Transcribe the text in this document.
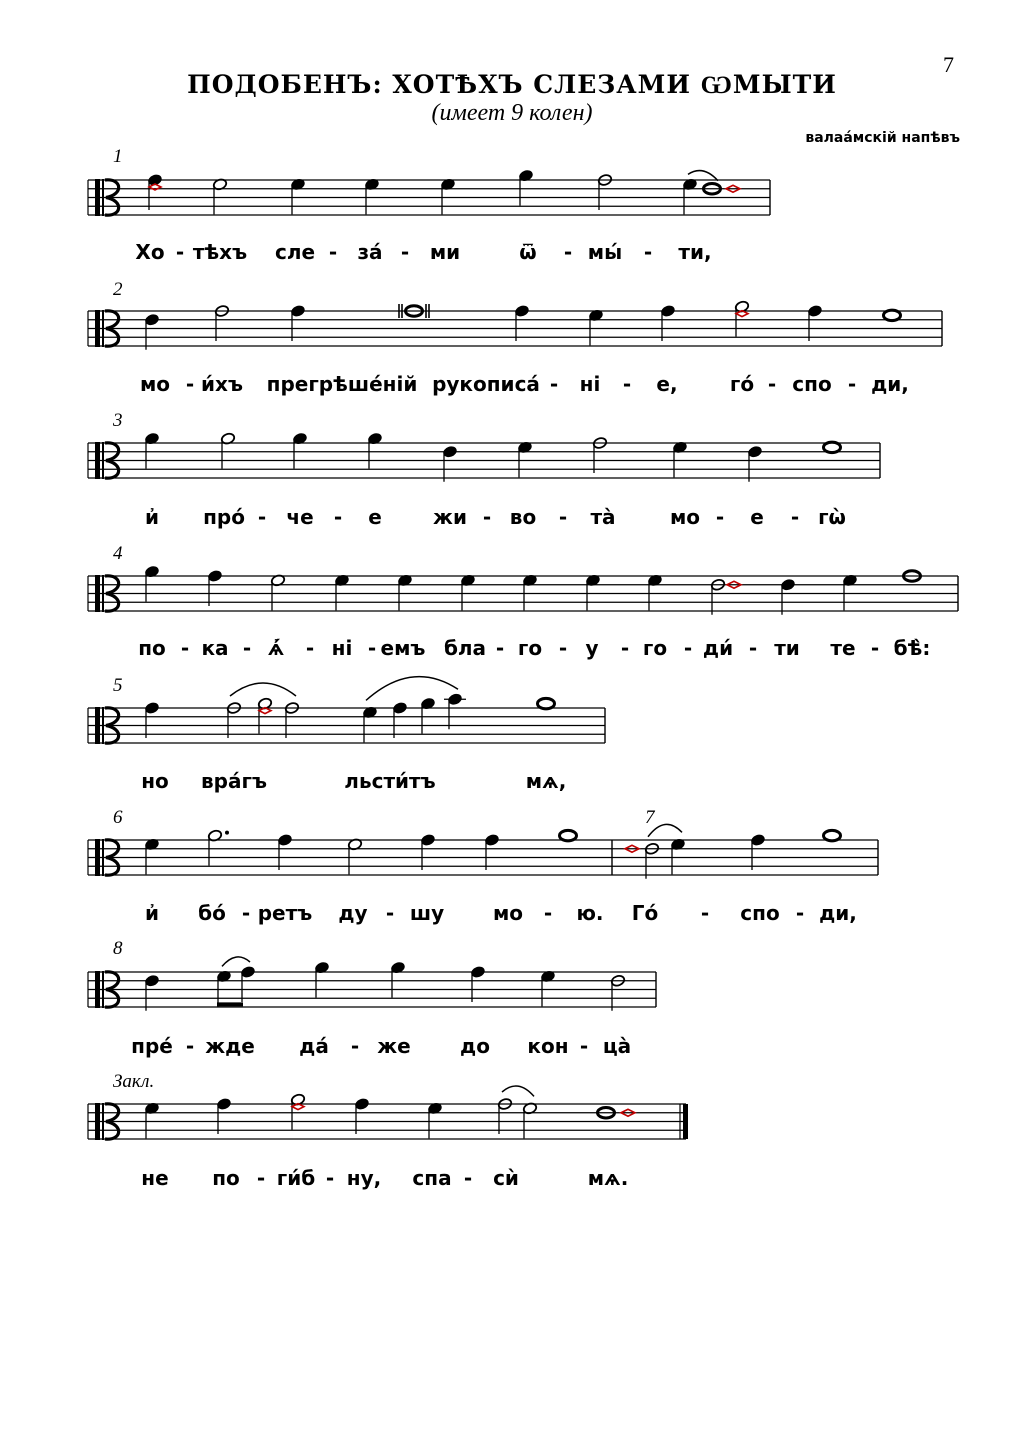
7
ПОДОБЕНЪ: ХОТѢХЪ СЛЕЗАМИ ѠМЫТИ
(имеет 9 колен)
валаа́мскій напѣвъ
1
2
3
4
5
6	7
8
Закл.
Хо - тѣхъ сле - за́ - ми	ѿ - мы́ - ти,
мо - и́хъ прегрѣше́ній рукописа́ - ні - е,	го́ - спо - ди,
и҆ про́ - че - е	жи - во - та̀	мо - е - гѡ̀
по - ка - ѧ҆́ - ні - емъ бла - го - у - го - ди́ - ти те - бѣ̀:
но вра́гъ	льсти́тъ	мѧ,
и҆ бо́ - ретъ ду - шу мо - ю. Го́ - спо - ди,
пре́ - жде да́ - же до кон - ца̀
не по - ги́б - ну, спа - сѝ	мѧ.
